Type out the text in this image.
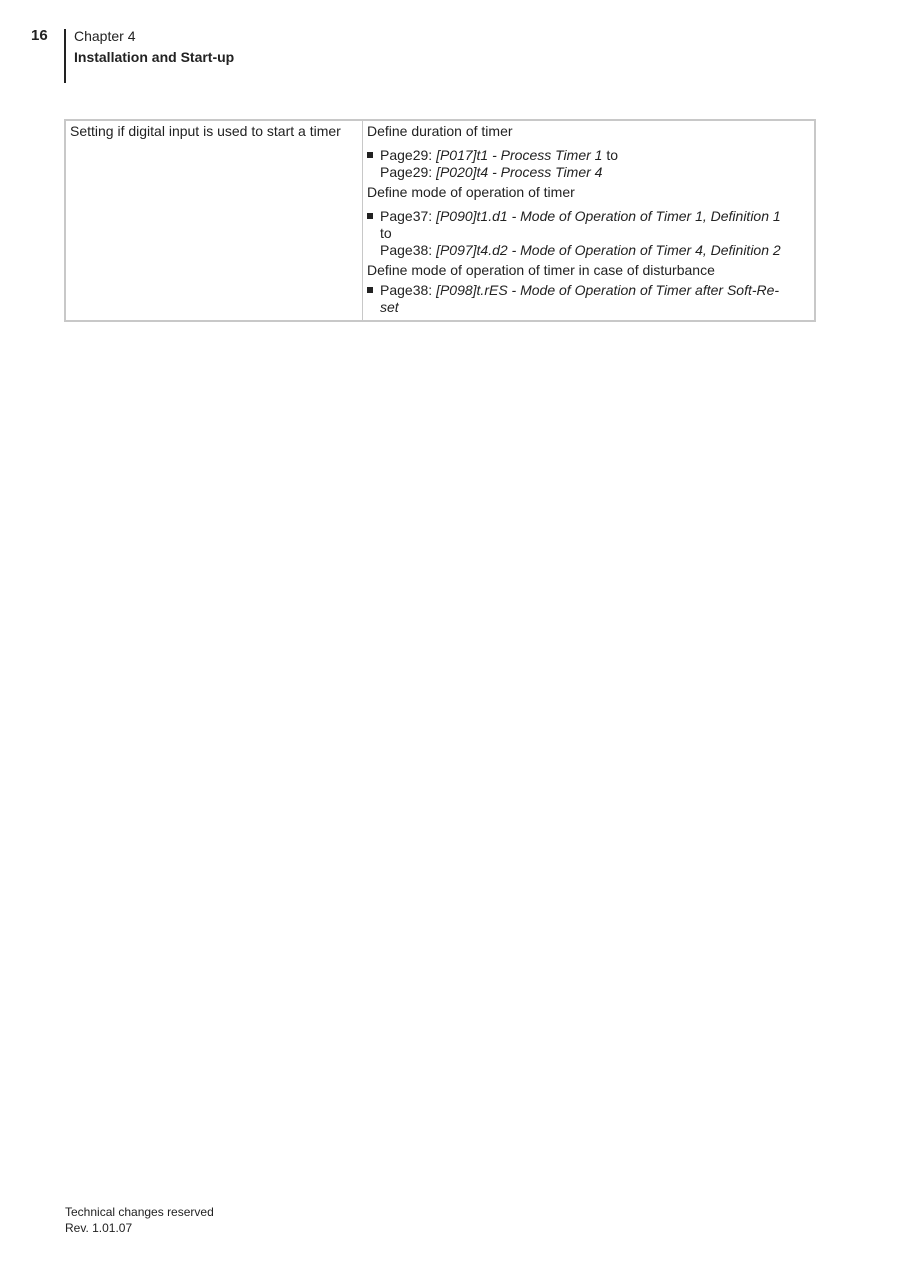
16 Chapter 4
Installation and Start-up
Setting if digital input is used to start a timer	Define duration of timer
Page29: [P017]t1 - Process Timer 1 to
Page29: [P020]t4 - Process Timer 4
Define mode of operation of timer
Page37: [P090]t1.d1 - Mode of Operation of Timer 1, Definition 1
to
Page38: [P097]t4.d2 - Mode of Operation of Timer 4, Definition 2
Define mode of operation of timer in case of disturbance
Page38: [P098]t.rES - Mode of Operation of Timer after Soft-Re-
set
Technical changes reserved
Rev. 1.01.07
